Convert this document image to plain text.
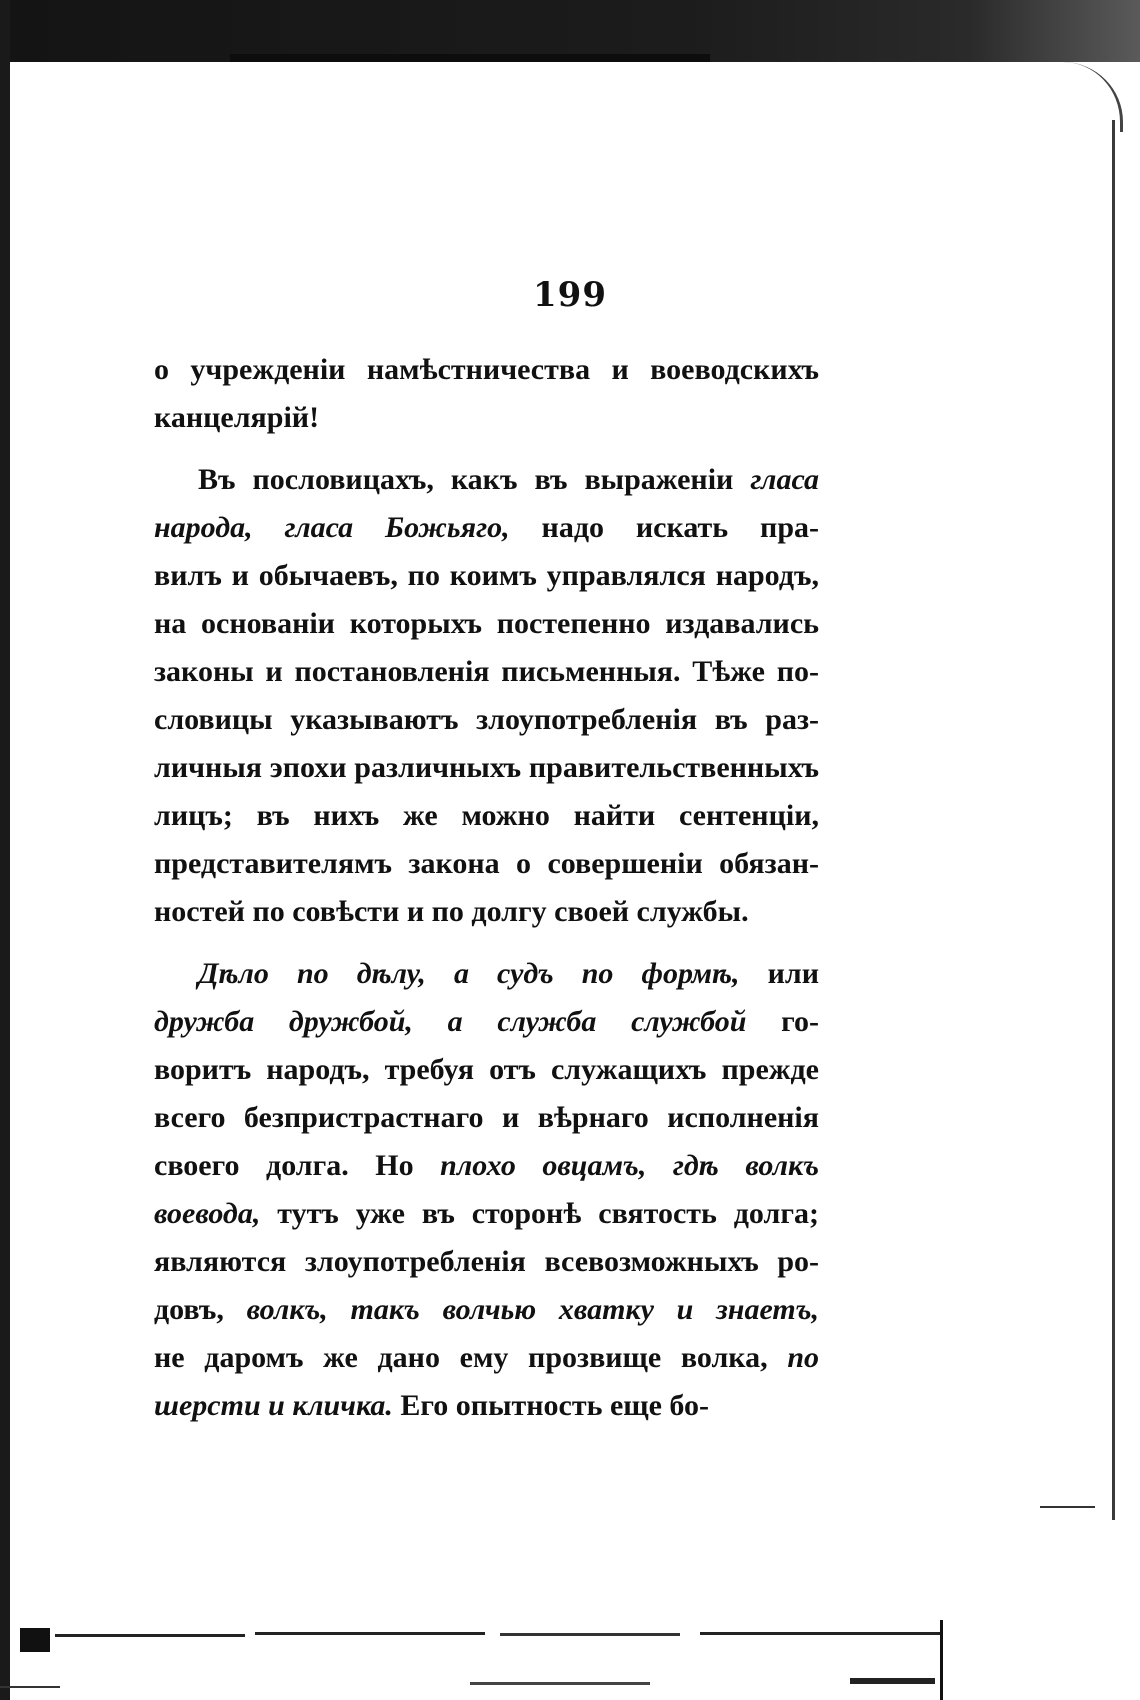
199
о учрежденіи намѣстничества и воеводскихъ
канцелярій!
Въ пословицахъ, какъ въ выраженіи гласа
народа, гласа Божьяго, надо искать пра-
вилъ и обычаевъ, по коимъ управлялся народъ,
на основаніи которыхъ постепенно издавались
законы и постановленія письменныя. Тѣже по-
словицы указываютъ злоупотребленія въ раз-
личныя эпохи различныхъ правительственныхъ
лицъ; въ нихъ же можно найти сентенціи,
представителямъ закона о совершеніи обязан-
ностей по совѣсти и по долгу своей службы.
Дѣло по дѣлу, а судъ по формѣ, или
дружба дружбой, а служба службой го-
воритъ народъ, требуя отъ служащихъ прежде
всего безпристрастнаго и вѣрнаго исполненія
своего долга. Но плохо овцамъ, гдѣ волкъ
воевода, тутъ уже въ сторонѣ святость долга;
являются злоупотребленія всевозможныхъ ро-
довъ, волкъ, такъ волчью хватку и знаетъ,
не даромъ же дано ему прозвище волка, по
шерсти и кличка. Его опытность еще бо-
